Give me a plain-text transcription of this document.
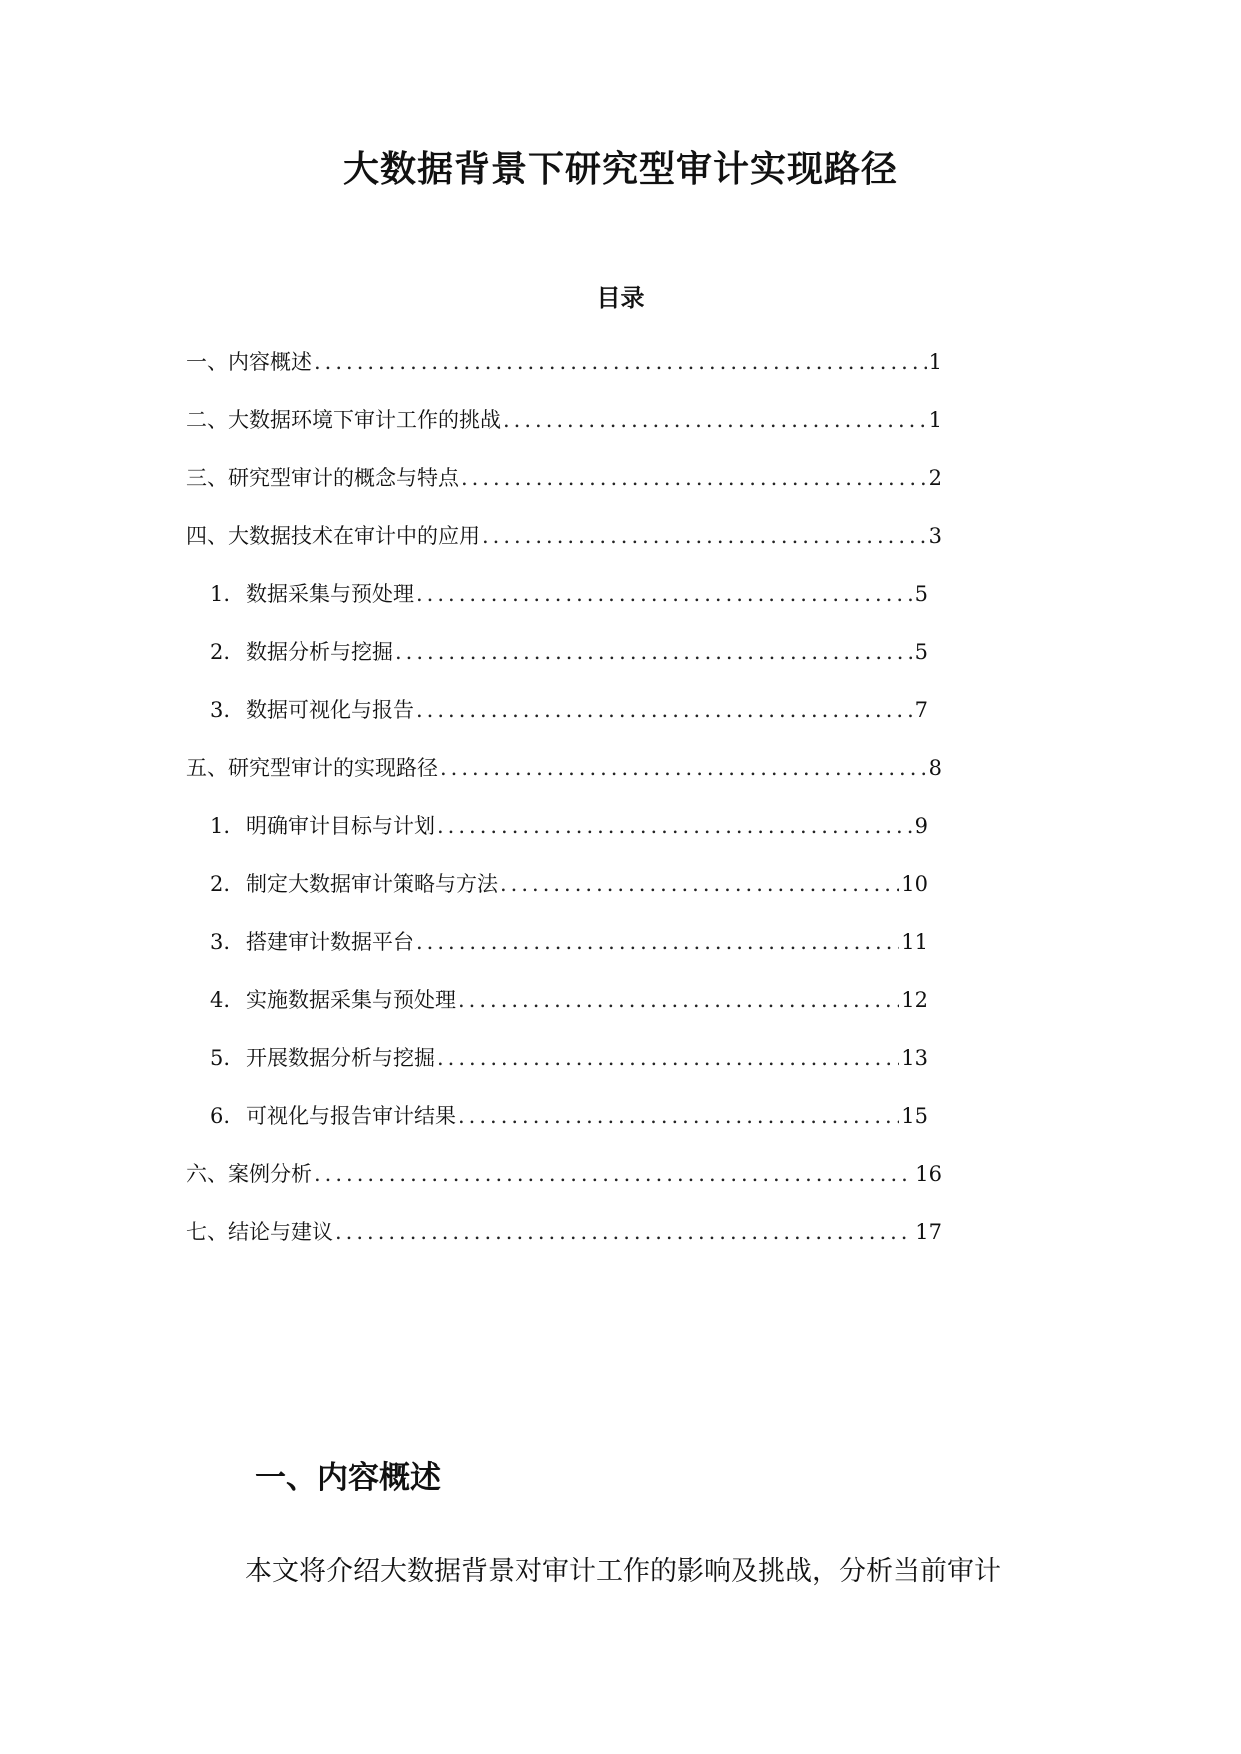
大数据背景下研究型审计实现路径
目录
一、内容概述 .....	1
二、大数据环境下审计工作的挑战 .....	1
三、研究型审计的概念与特点 .....	2
四、大数据技术在审计中的应用 .....	3
1. 数据采集与预处理 .....	5
2. 数据分析与挖掘 .....	5
3. 数据可视化与报告 .....	7
五、研究型审计的实现路径 .....	8
1. 明确审计目标与计划 .....	9
2. 制定大数据审计策略与方法 .....	10
3. 搭建审计数据平台 .....	11
4. 实施数据采集与预处理 .....	12
5. 开展数据分析与挖掘 .....	13
6. 可视化与报告审计结果 .....	15
六、案例分析 .....	16
七、结论与建议 .....	17
一、内容概述
本文将介绍大数据背景对审计工作的影响及挑战，分析当前审计
